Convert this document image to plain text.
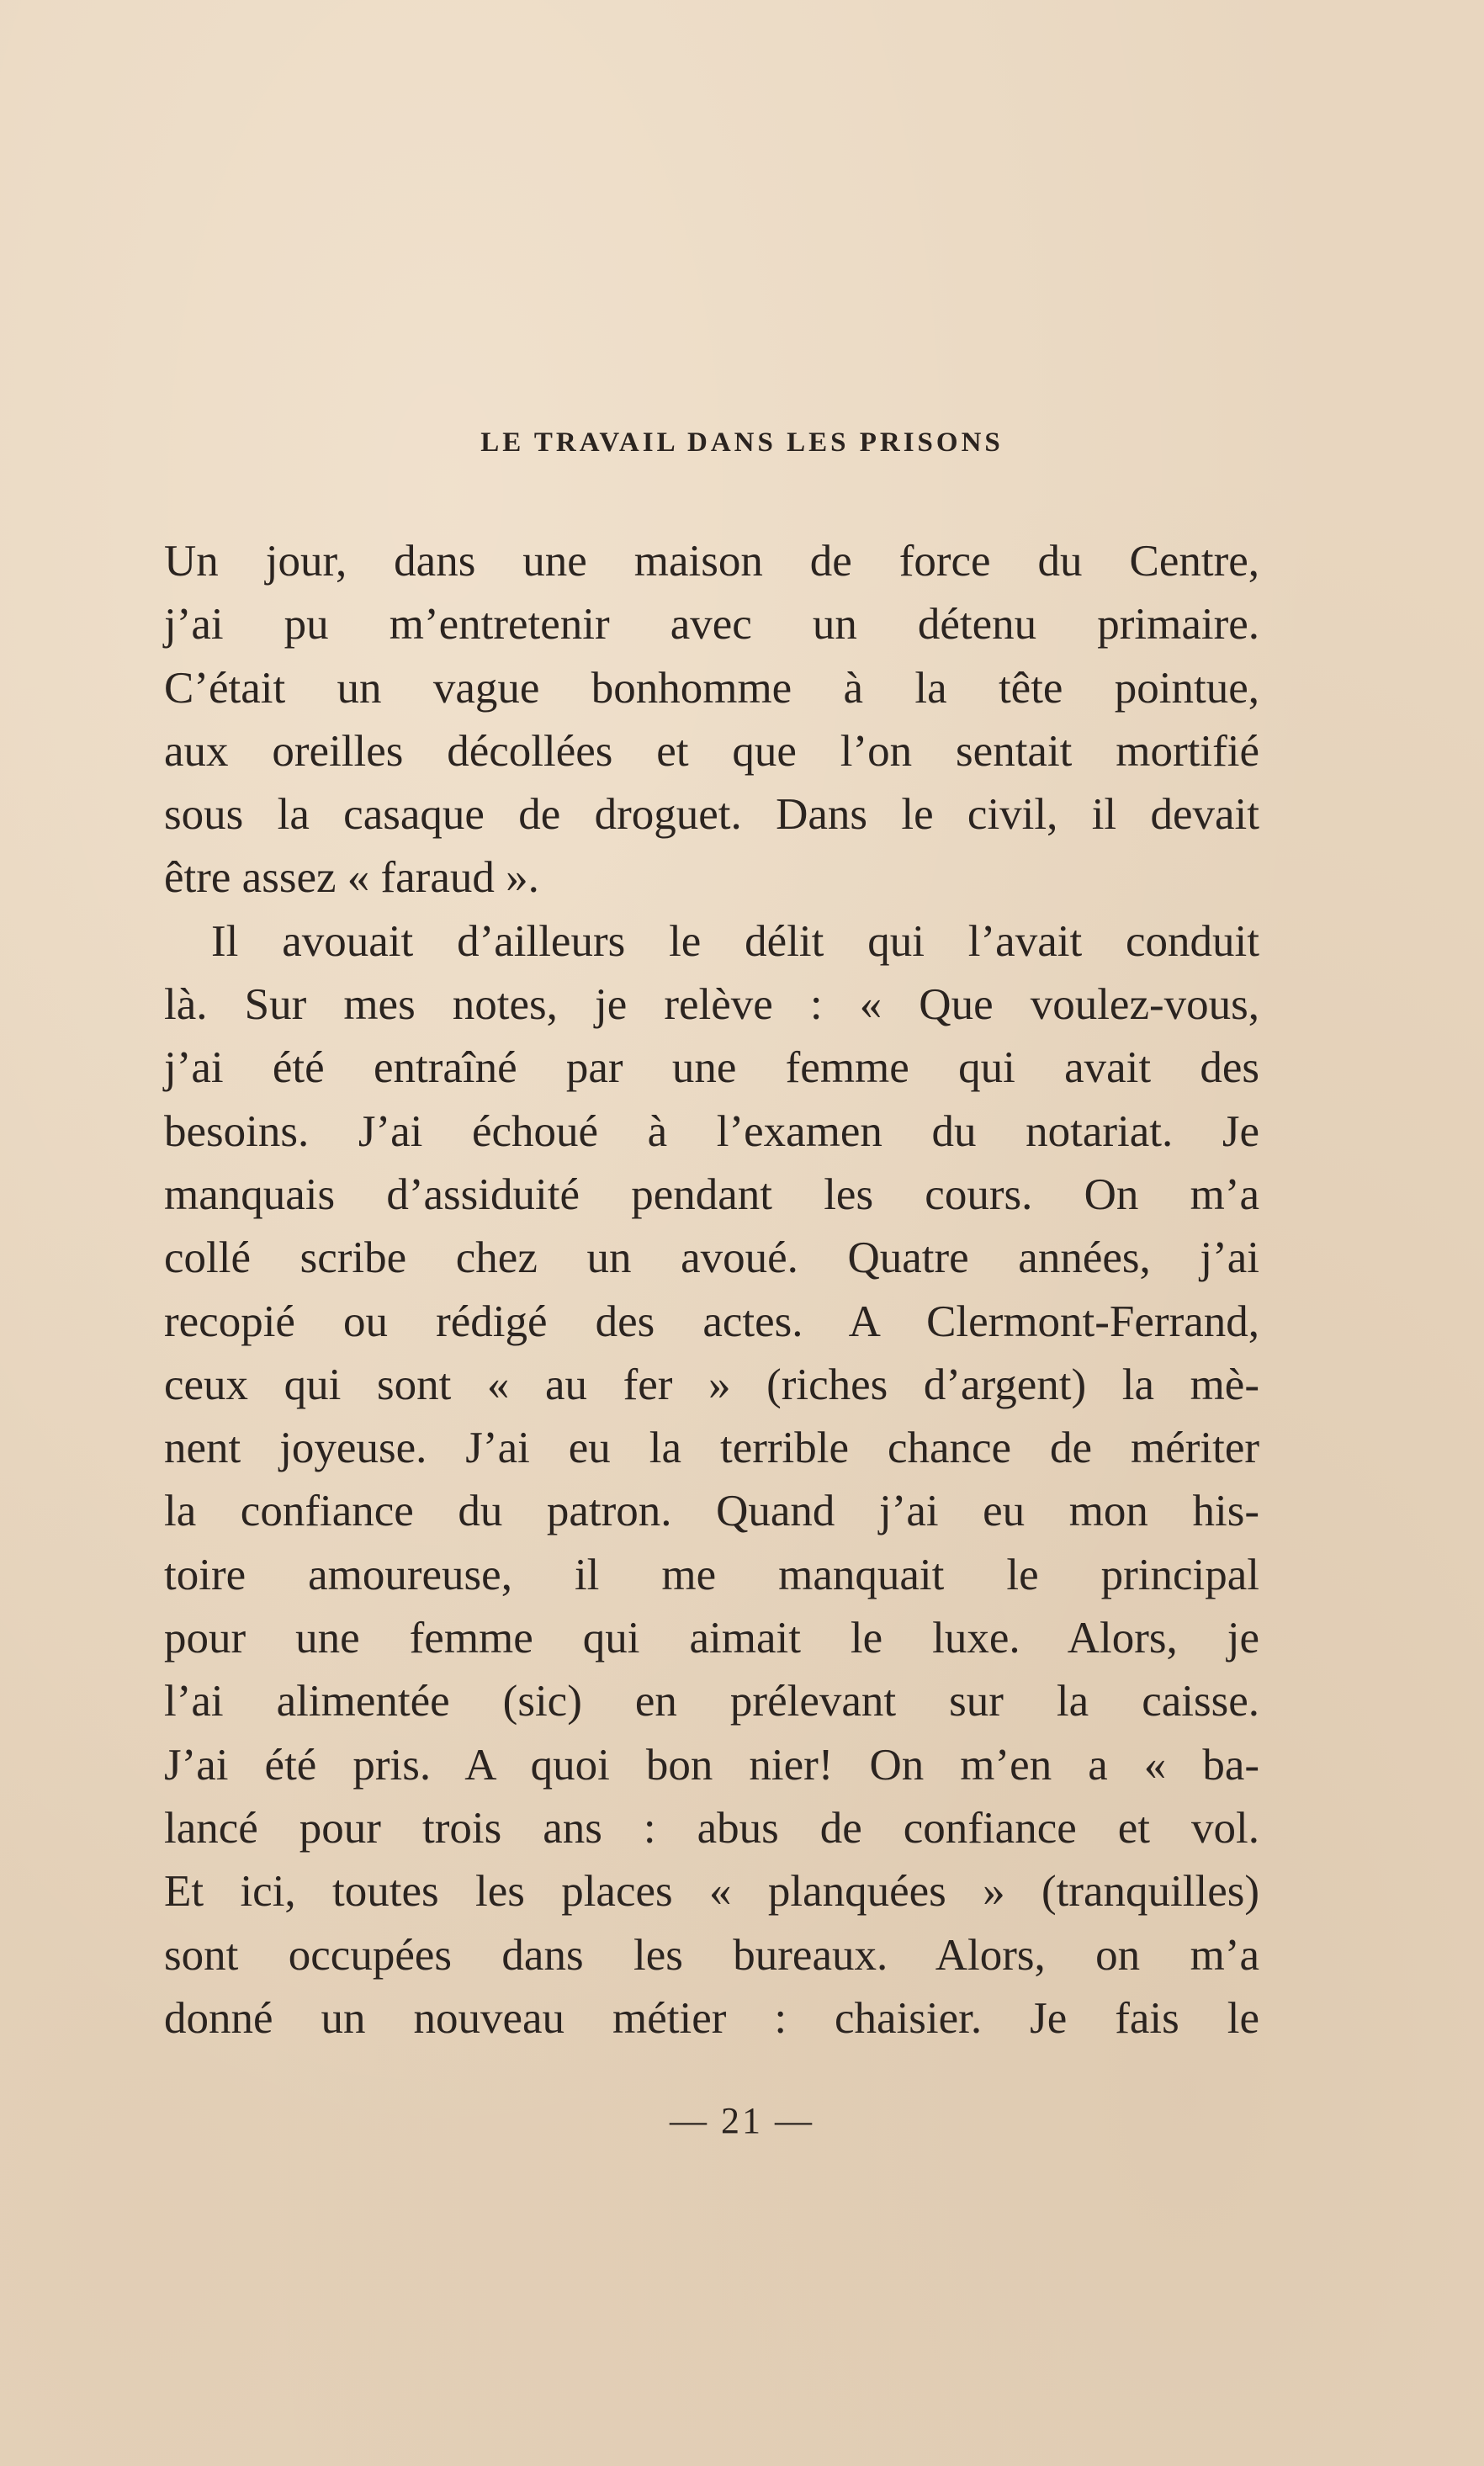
LE TRAVAIL DANS LES PRISONS
Un jour, dans une maison de force du Centre,
j’ai pu m’entretenir avec un détenu primaire.
C’était un vague bonhomme à la tête pointue,
aux oreilles décollées et que l’on sentait mortifié
sous la casaque de droguet. Dans le civil, il devait
être assez « faraud ».
Il avouait d’ailleurs le délit qui l’avait conduit
là. Sur mes notes, je relève : « Que voulez-vous,
j’ai été entraîné par une femme qui avait des
besoins. J’ai échoué à l’examen du notariat. Je
manquais d’assiduité pendant les cours. On m’a
collé scribe chez un avoué. Quatre années, j’ai
recopié ou rédigé des actes. A Clermont-Ferrand,
ceux qui sont « au fer » (riches d’argent) la mè-
nent joyeuse. J’ai eu la terrible chance de mériter
la confiance du patron. Quand j’ai eu mon his-
toire amoureuse, il me manquait le principal
pour une femme qui aimait le luxe. Alors, je
l’ai alimentée (sic) en prélevant sur la caisse.
J’ai été pris. A quoi bon nier! On m’en a « ba-
lancé pour trois ans : abus de confiance et vol.
Et ici, toutes les places « planquées » (tranquilles)
sont occupées dans les bureaux. Alors, on m’a
donné un nouveau métier : chaisier. Je fais le
— 21 —
